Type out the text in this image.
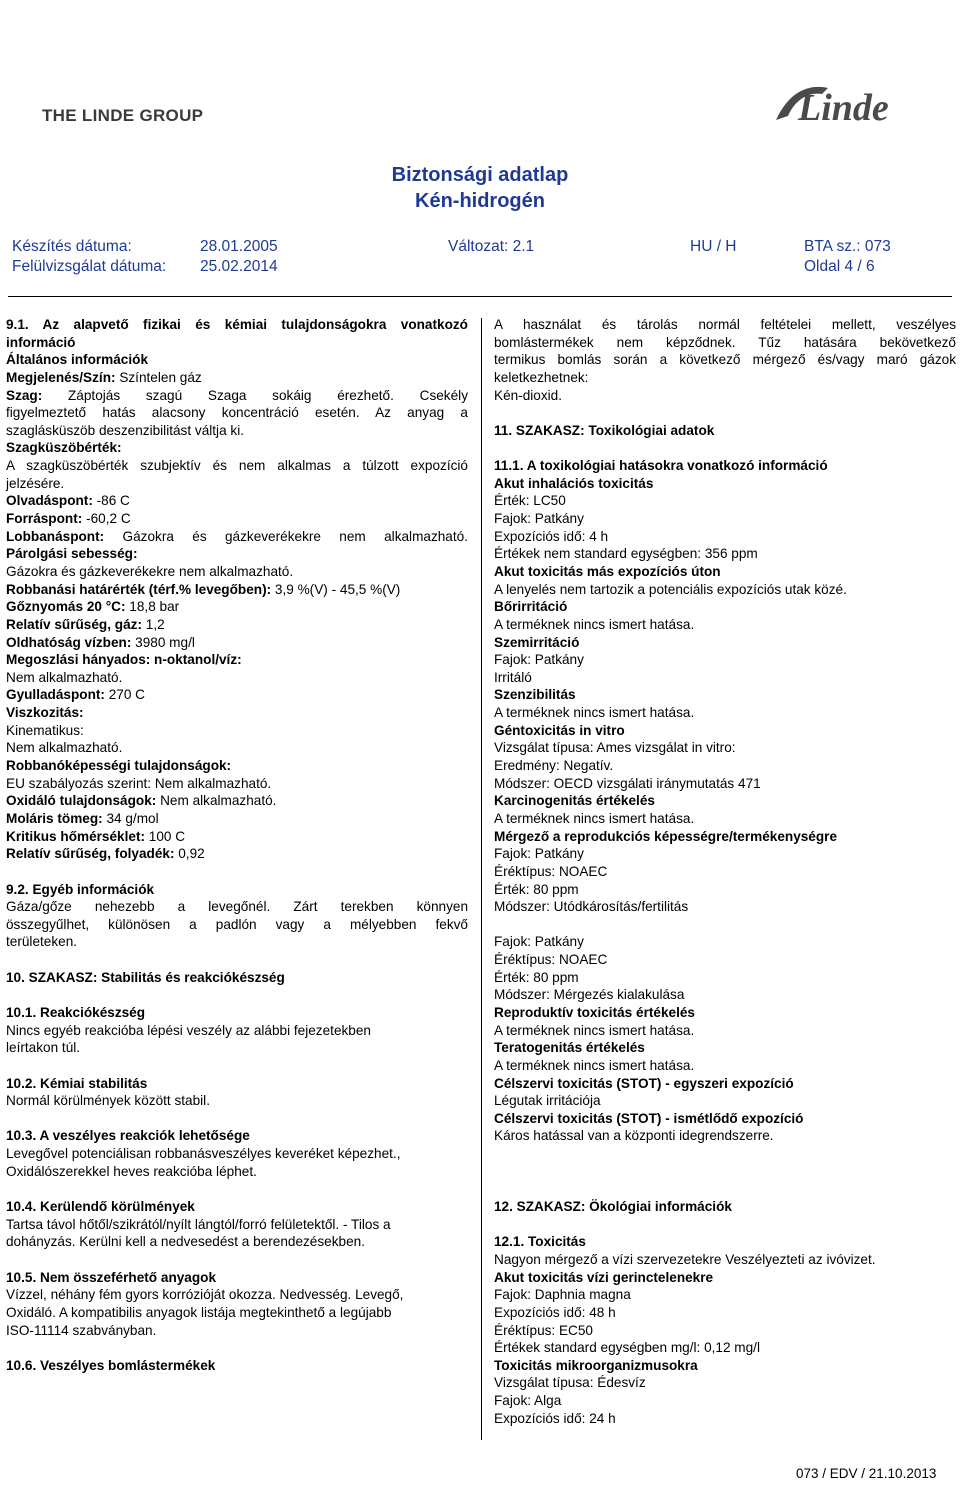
THE LINDE GROUP	Linde
Biztonsági adatlap
Kén-hidrogén
Készítés dátuma:	28.01.2005
Felülvizsgálat dátuma: 25.02.2014
Változat: 2.1	HU / H	BTA sz.: 073
Oldal 4 / 6
9.1. Az alapvető fizikai és kémiai tulajdonságokra vonatkozó
információ
Általános információk
Megjelenés/Szín: Színtelen gáz
Szag: Záptojás szagú Szaga sokáig érezhető. Csekély
figyelmeztető hatás alacsony koncentráció esetén. Az anyag a
szaglásküszöb deszenzibilitást váltja ki.
Szagküszöbérték:
A szagküszöbérték szubjektív és nem alkalmas a túlzott expozíció
jelzésére.
Olvadáspont: -86 C
Forráspont: -60,2 C
Lobbanáspont: Gázokra és gázkeverékekre nem alkalmazható.
Párolgási sebesség:
Gázokra és gázkeverékekre nem alkalmazható.
Robbanási határérték (térf.% levegőben): 3,9 %(V) - 45,5 %(V)
Gőznyomás 20 °C: 18,8 bar
Relatív sűrűség, gáz: 1,2
Oldhatóság vízben: 3980 mg/l
Megoszlási hányados: n-oktanol/víz:
Nem alkalmazható.
Gyulladáspont: 270 C
Viszkozitás:
Kinematikus:
Nem alkalmazható.
Robbanóképességi tulajdonságok:
EU szabályozás szerint: Nem alkalmazható.
Oxidáló tulajdonságok: Nem alkalmazható.
Moláris tömeg: 34 g/mol
Kritikus hőmérséklet: 100 C
Relatív sűrűség, folyadék: 0,92
9.2. Egyéb információk
Gáza/gőze nehezebb a levegőnél. Zárt terekben könnyen
összegyűlhet, különösen a padlón vagy a mélyebben fekvő
területeken.
10. SZAKASZ: Stabilitás és reakciókészség
10.1. Reakciókészség
Nincs egyéb reakcióba lépési veszély az alábbi fejezetekben
leírtakon túl.
10.2. Kémiai stabilitás
Normál körülmények között stabil.
10.3. A veszélyes reakciók lehetősége
Levegővel potenciálisan robbanásveszélyes keveréket képezhet.,
Oxidálószerekkel heves reakcióba léphet.
10.4. Kerülendő körülmények
Tartsa távol hőtől/szikrától/nyílt lángtól/forró felületektől. - Tilos a
dohányzás. Kerülni kell a nedvesedést a berendezésekben.
10.5. Nem összeférhető anyagok
Vízzel, néhány fém gyors korrózióját okozza. Nedvesség. Levegő,
Oxidáló. A kompatibilis anyagok listája megtekinthető a legújabb
ISO-11114 szabványban.
10.6. Veszélyes bomlástermékek
A használat és tárolás normál feltételei mellett, veszélyes
bomlástermékek nem képződnek. Tűz hatására bekövetkező
termikus bomlás során a következő mérgező és/vagy maró gázok
keletkezhetnek:
Kén-dioxid.
11. SZAKASZ: Toxikológiai adatok
11.1. A toxikológiai hatásokra vonatkozó információ
Akut inhalációs toxicitás
Érték: LC50
Fajok: Patkány
Expozíciós idő: 4 h
Értékek nem standard egységben: 356 ppm
Akut toxicitás más expozíciós úton
A lenyelés nem tartozik a potenciális expozíciós utak közé.
Bőrirritáció
A terméknek nincs ismert hatása.
Szemirritáció
Fajok: Patkány
Irritáló
Szenzibilitás
A terméknek nincs ismert hatása.
Géntoxicitás in vitro
Vizsgálat típusa: Ames vizsgálat in vitro:
Eredmény: Negatív.
Módszer: OECD vizsgálati iránymutatás 471
Karcinogenitás értékelés
A terméknek nincs ismert hatása.
Mérgező a reprodukciós képességre/termékenységre
Fajok: Patkány
Éréktípus: NOAEC
Érték: 80 ppm
Módszer: Utódkárosítás/fertilitás
Fajok: Patkány
Éréktípus: NOAEC
Érték: 80 ppm
Módszer: Mérgezés kialakulása
Reproduktív toxicitás értékelés
A terméknek nincs ismert hatása.
Teratogenitás értékelés
A terméknek nincs ismert hatása.
Célszervi toxicitás (STOT) - egyszeri expozíció
Légutak irritációja
Célszervi toxicitás (STOT) - ismétlődő expozíció
Káros hatással van a központi idegrendszerre.
12. SZAKASZ: Ökológiai információk
12.1. Toxicitás
Nagyon mérgező a vízi szervezetekre Veszélyezteti az ivóvizet.
Akut toxicitás vízi gerinctelenekre
Fajok: Daphnia magna
Expozíciós idő: 48 h
Éréktípus: EC50
Értékek standard egységben mg/l: 0,12 mg/l
Toxicitás mikroorganizmusokra
Vizsgálat típusa: Édesvíz
Fajok: Alga
Expozíciós idő: 24 h
073 / EDV / 21.10.2013
